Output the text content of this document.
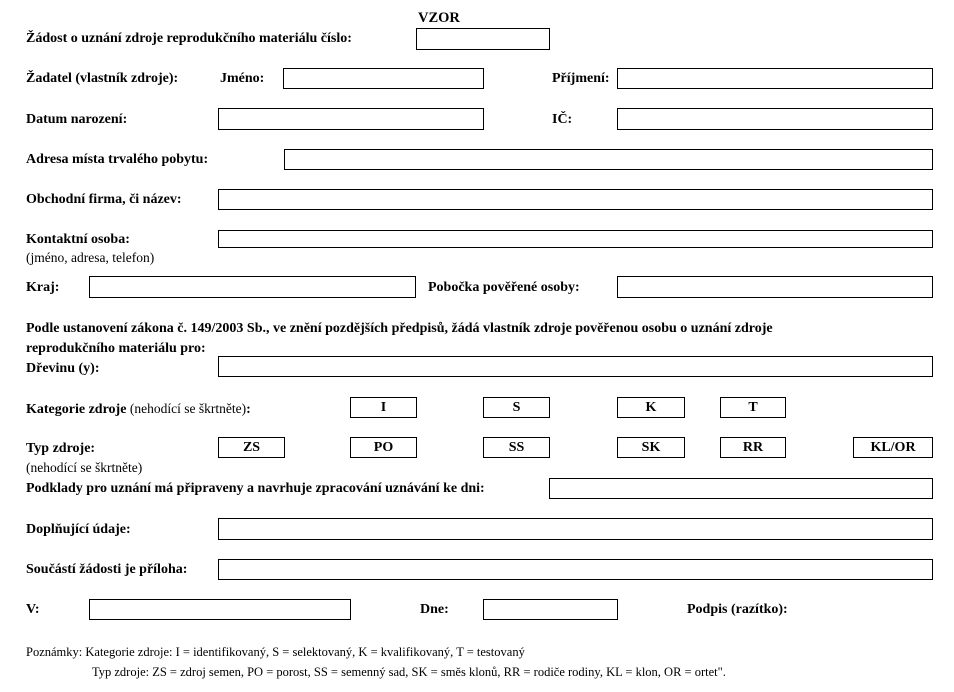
VZOR
Žádost o uznání zdroje reprodukčního materiálu číslo:
Žadatel (vlastník zdroje):	Jméno:	Příjmení:
Datum narození:	IČ:
Adresa místa trvalého pobytu:
Obchodní firma, či název:
Kontaktní osoba:
(jméno, adresa, telefon)
Kraj:	Pobočka pověřené osoby:
Podle ustanovení zákona č. 149/2003 Sb., ve znění pozdějších předpisů, žádá vlastník zdroje pověřenou osobu o uznání zdroje
reprodukčního materiálu pro:
Dřevinu (y):
Kategorie zdroje (nehodící se škrtněte):	I	S	K	T
Typ zdroje:
(nehodící se škrtněte)
ZS	PO	SS	SK	RR	KL/OR
Podklady pro uznání má připraveny a navrhuje zpracování uznávání ke dni:
Doplňující údaje:
Součástí žádosti je příloha:
V:	Dne:	Podpis (razítko):
Poznámky: Kategorie zdroje: I = identifikovaný, S = selektovaný, K = kvalifikovaný, T = testovaný
Typ zdroje: ZS = zdroj semen, PO = porost, SS = semenný sad, SK = směs klonů, RR = rodiče rodiny, KL = klon, OR = ortet".
